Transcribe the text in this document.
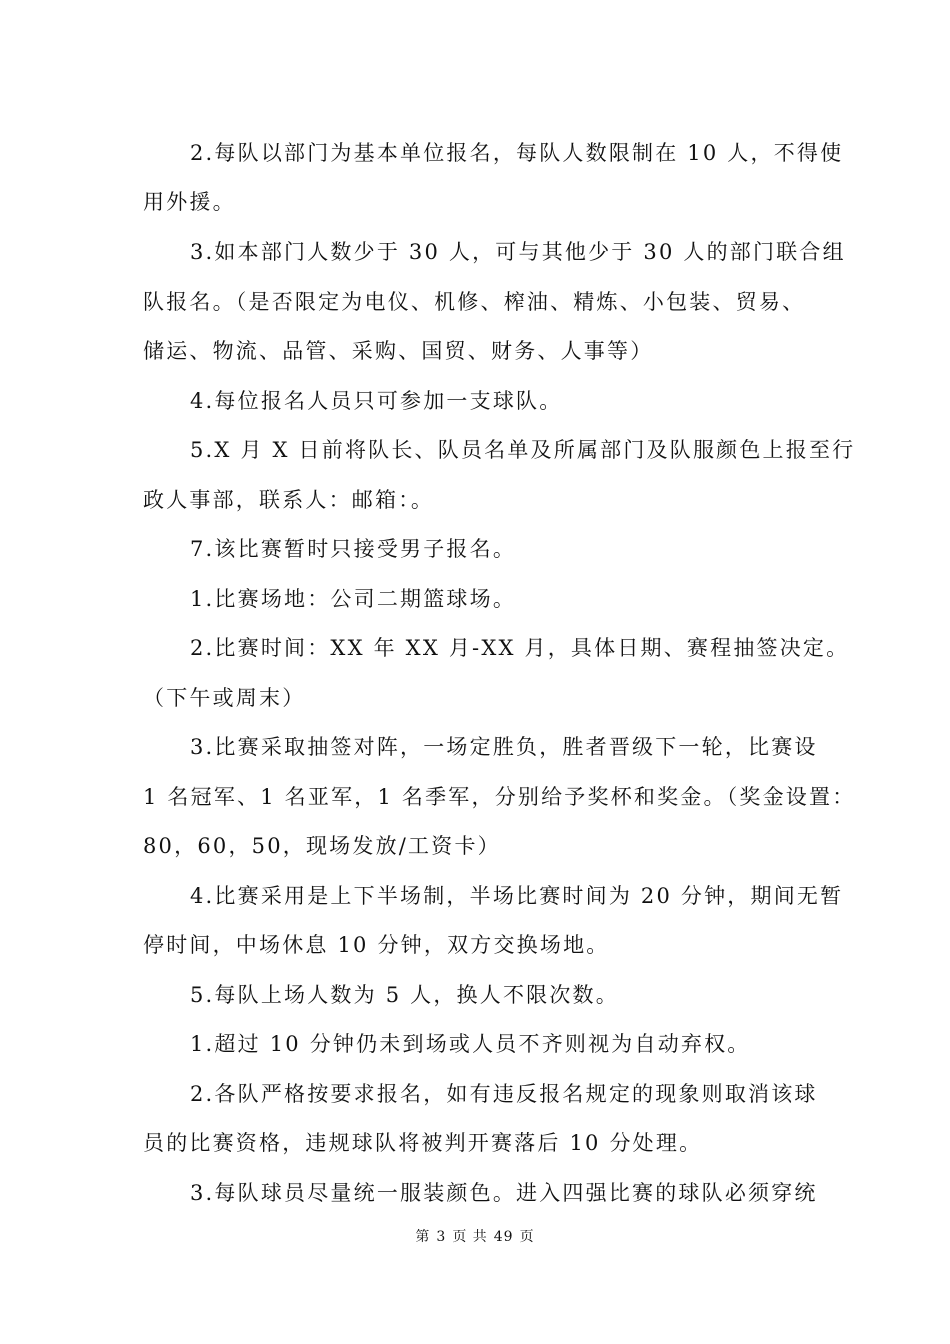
2.每队以部门为基本单位报名，每队人数限制在 10 人，不得使
用外援。
3.如本部门人数少于 30 人，可与其他少于 30 人的部门联合组
队报名。（是否限定为电仪、机修、榨油、精炼、小包装、贸易、
储运、物流、品管、采购、国贸、财务、人事等）
4.每位报名人员只可参加一支球队。
5.X 月 X 日前将队长、队员名单及所属部门及队服颜色上报至行
政人事部，联系人：邮箱：。
7.该比赛暂时只接受男子报名。
1.比赛场地：公司二期篮球场。
2.比赛时间：XX 年 XX 月-XX 月，具体日期、赛程抽签决定。
（下午或周末）
3.比赛采取抽签对阵，一场定胜负，胜者晋级下一轮，比赛设
1 名冠军、1 名亚军，1 名季军，分别给予奖杯和奖金。（奖金设置：
80，60，50，现场发放/工资卡）
4.比赛采用是上下半场制，半场比赛时间为 20 分钟，期间无暂
停时间，中场休息 10 分钟，双方交换场地。
5.每队上场人数为 5 人，换人不限次数。
1.超过 10 分钟仍未到场或人员不齐则视为自动弃权。
2.各队严格按要求报名，如有违反报名规定的现象则取消该球
员的比赛资格，违规球队将被判开赛落后 10 分处理。
3.每队球员尽量统一服装颜色。进入四强比赛的球队必须穿统
第 3 页 共 49 页
